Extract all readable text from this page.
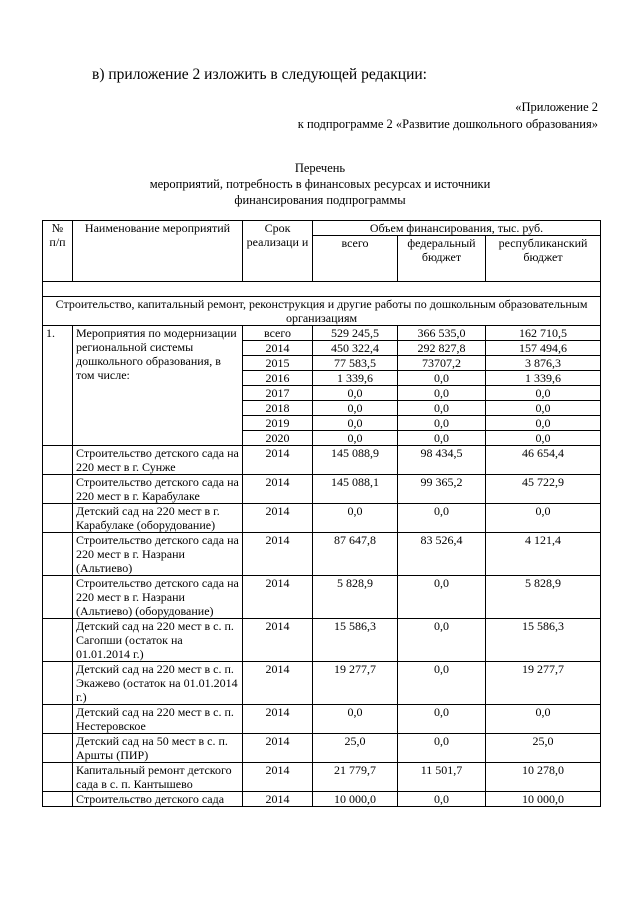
в) приложение 2 изложить в следующей редакции:
«Приложение 2
к подпрограмме 2 «Развитие дошкольного образования»
Перечень
мероприятий, потребность в финансовых ресурсах и источники
финансирования подпрограммы
№ п/п	Наименование мероприятий	Срок реализаци и	Объем финансирования, тыс. руб.		
			всего	федеральный бюджет	республиканский бюджет

Строительство, капитальный ремонт, реконструкция и другие работы по дошкольным образовательным организациям					
1.	Мероприятия по модернизации региональной системы дошкольного образования, в том числе:	всего	529 245,5	366 535,0	162 710,5
		2014	450 322,4	292 827,8	157 494,6
		2015	77 583,5	73707,2	3 876,3
		2016	1 339,6	0,0	1 339,6
		2017	0,0	0,0	0,0
		2018	0,0	0,0	0,0
		2019	0,0	0,0	0,0
		2020	0,0	0,0	0,0
	Строительство детского сада на 220 мест в г. Сунже	2014	145 088,9	98 434,5	46 654,4
	Строительство детского сада на 220 мест в г. Карабулаке	2014	145 088,1	99 365,2	45 722,9
	Детский сад на 220 мест в г. Карабулаке (оборудование)	2014	0,0	0,0	0,0
	Строительство детского сада на 220 мест в г. Назрани (Альтиево)	2014	87 647,8	83 526,4	4 121,4
	Строительство детского сада на 220 мест в г. Назрани (Альтиево) (оборудование)	2014	5 828,9	0,0	5 828,9
	Детский сад на 220 мест в с. п. Сагопши (остаток на 01.01.2014 г.)	2014	15 586,3	0,0	15 586,3
	Детский сад на 220 мест в с. п. Экажево (остаток на 01.01.2014 г.)	2014	19 277,7	0,0	19 277,7
	Детский сад на 220 мест в с. п. Нестеровское	2014	0,0	0,0	0,0
	Детский сад на 50 мест в с. п. Аршты (ПИР)	2014	25,0	0,0	25,0
	Капитальный ремонт детского сада в с. п. Кантышево	2014	21 779,7	11 501,7	10 278,0
	Строительство детского сада	2014	10 000,0	0,0	10 000,0
